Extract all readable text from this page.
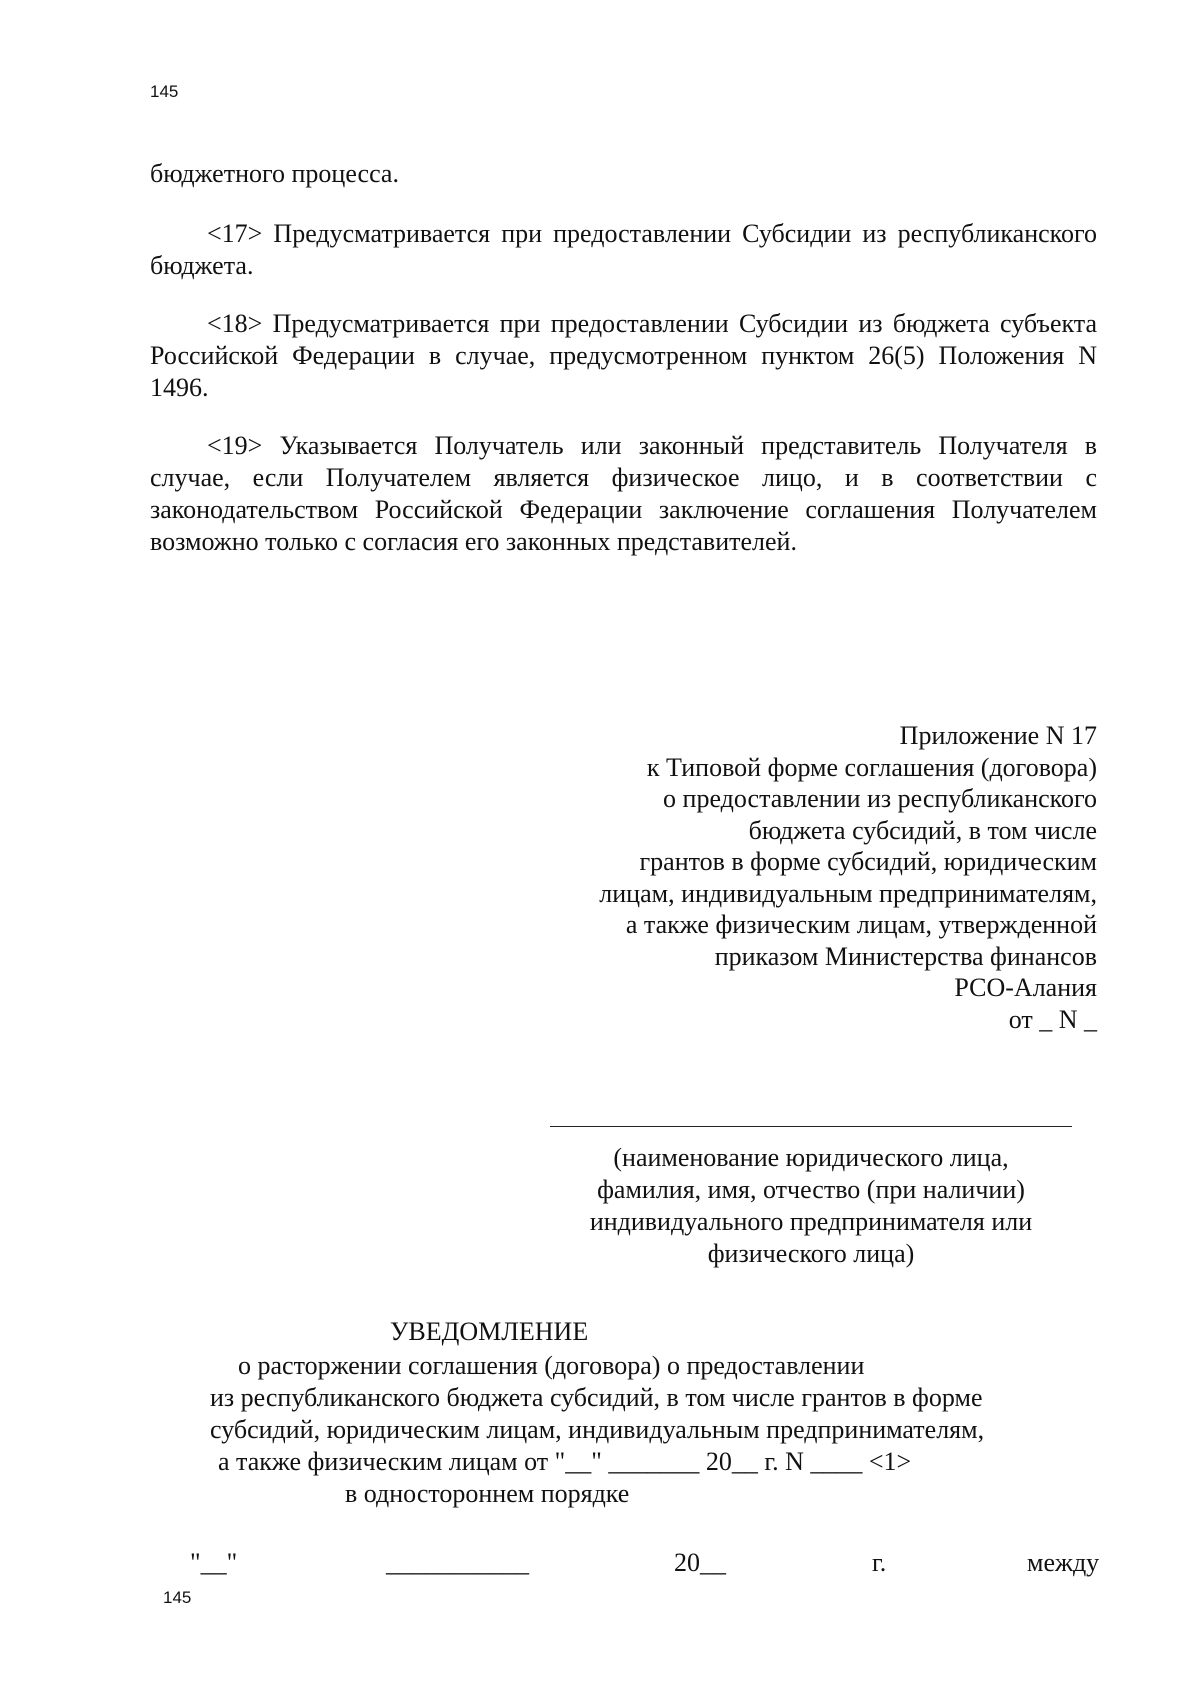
145

бюджетного процесса.

<17> Предусматривается при предоставлении Субсидии из республиканского бюджета.

<18> Предусматривается при предоставлении Субсидии из бюджета субъекта Российской Федерации в случае, предусмотренном пунктом 26(5) Положения N 1496.

<19> Указывается Получатель или законный представитель Получателя в случае, если Получателем является физическое лицо, и в соответствии с законодательством Российской Федерации заключение соглашения Получателем возможно только с согласия его законных представителей.

Приложение N 17
к Типовой форме соглашения (договора)
о предоставлении из республиканского
бюджета субсидий, в том числе
грантов в форме субсидий, юридическим
лицам, индивидуальным предпринимателям,
а также физическим лицам, утвержденной
приказом Министерства финансов
РСО-Алания
от _ N _
(наименование юридического лица,
фамилия, имя, отчество (при наличии)
индивидуального предпринимателя или
физического лица)
УВЕДОМЛЕНИЕ
о расторжении соглашения (договора) о предоставлении
из республиканского бюджета субсидий, в том числе грантов в форме
субсидий, юридическим лицам, индивидуальным предпринимателям,
а также физическим лицам от "__" _______ 20__ г. N ____ <1>
в одностороннем порядке
"__"	___________	20__	г.	между
145
